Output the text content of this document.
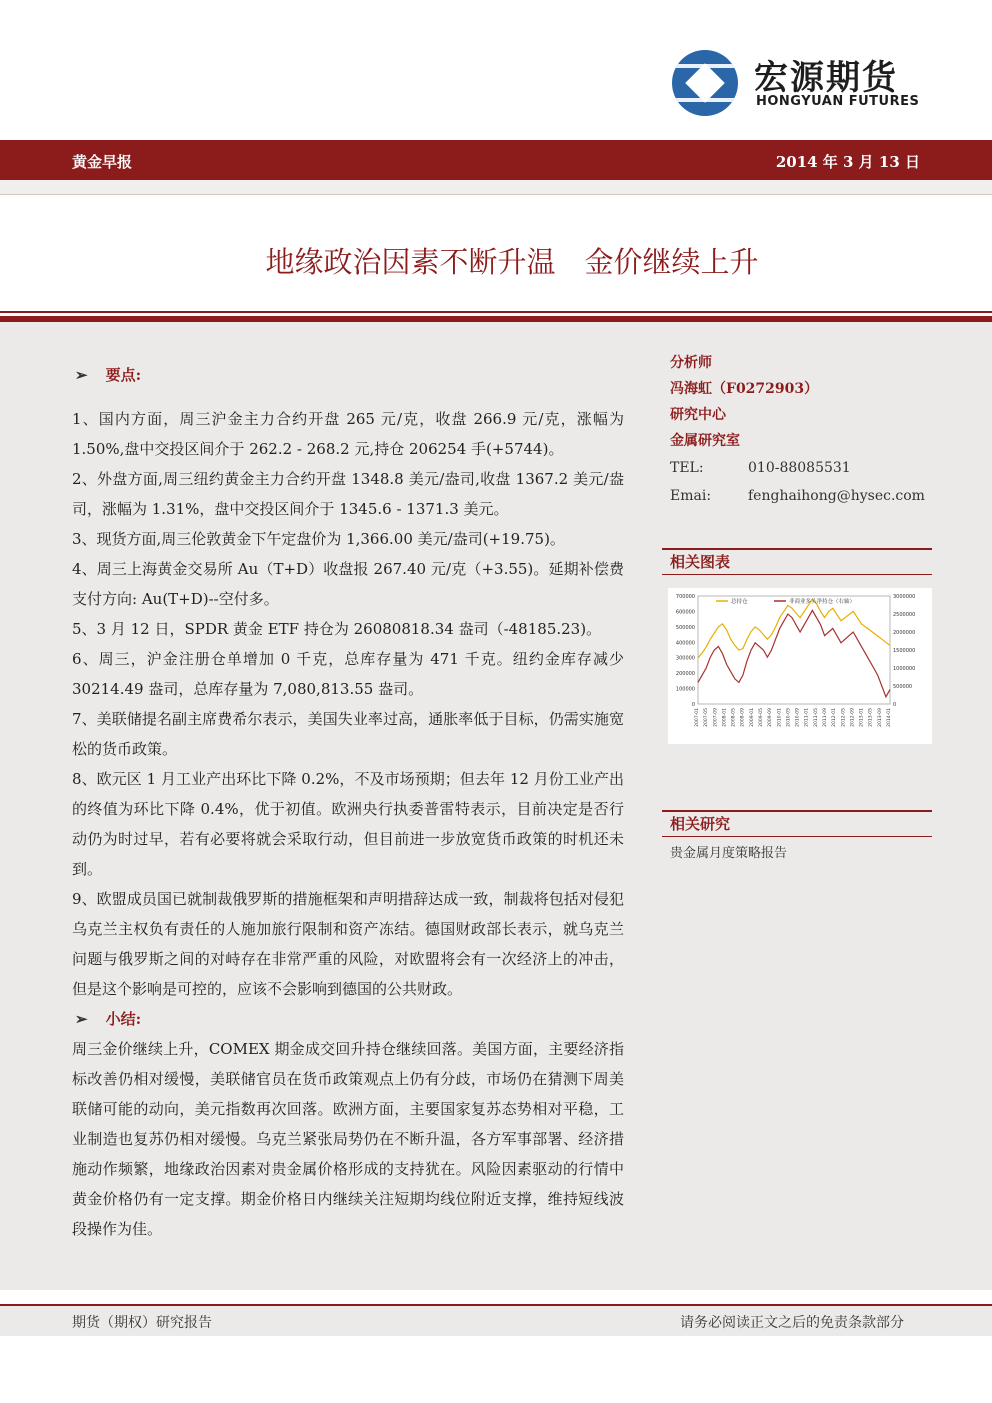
宏源期货
HONGYUAN FUTURES
黄金早报	2014 年 3 月 13 日
地缘政治因素不断升温　金价继续上升
➢ 要点:

1、国内方面，周三沪金主力合约开盘 265 元/克，收盘 266.9 元/克，涨幅为 1.50%,盘中交投区间介于 262.2 - 268.2 元,持仓 206254 手(+5744)。

2、外盘方面,周三纽约黄金主力合约开盘 1348.8 美元/盎司,收盘 1367.2 美元/盎司，涨幅为 1.31%，盘中交投区间介于 1345.6 - 1371.3 美元。

3、现货方面,周三伦敦黄金下午定盘价为 1,366.00 美元/盎司(+19.75)。

4、周三上海黄金交易所 Au（T+D）收盘报 267.40 元/克（+3.55)。延期补偿费支付方向: Au(T+D)--空付多。

5、3 月 12 日，SPDR 黄金 ETF 持仓为 26080818.34 盎司（-48185.23)。

6、周三，沪金注册仓单增加 0 千克，总库存量为 471 千克。纽约金库存减少 30214.49 盎司，总库存量为 7,080,813.55 盎司。

7、美联储提名副主席费希尔表示，美国失业率过高，通胀率低于目标，仍需实施宽松的货币政策。

8、欧元区 1 月工业产出环比下降 0.2%，不及市场预期；但去年 12 月份工业产出的终值为环比下降 0.4%，优于初值。欧洲央行执委普雷特表示，目前决定是否行动仍为时过早，若有必要将就会采取行动，但目前进一步放宽货币政策的时机还未到。

9、欧盟成员国已就制裁俄罗斯的措施框架和声明措辞达成一致，制裁将包括对侵犯乌克兰主权负有责任的人施加旅行限制和资产冻结。德国财政部长表示，就乌克兰问题与俄罗斯之间的对峙存在非常严重的风险，对欧盟将会有一次经济上的冲击，但是这个影响是可控的，应该不会影响到德国的公共财政。

➢ 小结:

周三金价继续上升，COMEX 期金成交回升持仓继续回落。美国方面，主要经济指标改善仍相对缓慢，美联储官员在货币政策观点上仍有分歧，市场仍在猜测下周美联储可能的动向，美元指数再次回落。欧洲方面，主要国家复苏态势相对平稳，工业制造也复苏仍相对缓慢。乌克兰紧张局势仍在不断升温，各方军事部署、经济措施动作频繁，地缘政治因素对贵金属价格形成的支持犹在。风险因素驱动的行情中黄金价格仍有一定支撑。期金价格日内继续关注短期均线位附近支撑，维持短线波段操作为佳。

分析师
冯海虹（F0272903）
研究中心
金属研究室
TEL:	010-88085531
Emai:	fenghaihong@hysec.com
相关图表
700000
600000
500000
400000
300000
200000
100000
0
3000000
2500000
2000000
1500000
1000000
500000
0
2007-01 2007-05 2007-09 2008-01 2008-05 2008-09 2009-01 2009-05 2009-09 2010-01 2010-05 2010-09 2011-01 2011-05 2011-09 2012-01 2012-05 2012-09 2013-01 2013-05 2013-09 2014-01
总持仓	非商业多头净持仓（右轴）
相关研究
贵金属月度策略报告
期货（期权）研究报告	请务必阅读正文之后的免责条款部分
